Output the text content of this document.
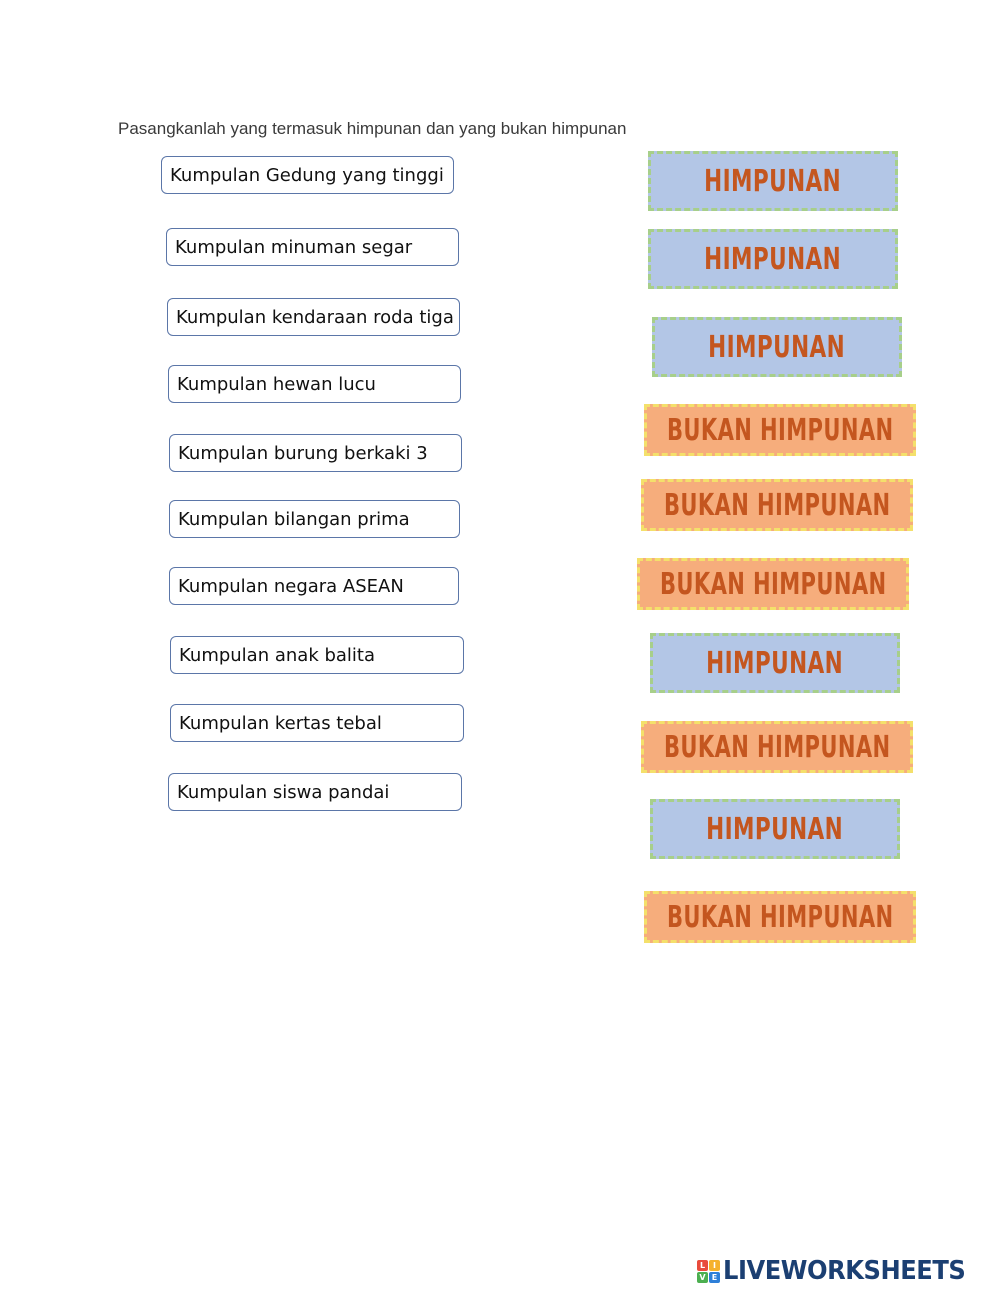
Pasangkanlah yang termasuk himpunan dan yang bukan himpunan
Kumpulan Gedung yang tinggi
Kumpulan minuman segar
Kumpulan kendaraan roda tiga
Kumpulan hewan lucu
Kumpulan burung berkaki 3
Kumpulan bilangan prima
Kumpulan negara ASEAN
Kumpulan anak balita
Kumpulan kertas tebal
Kumpulan siswa pandai
HIMPUNAN
HIMPUNAN
HIMPUNAN
BUKAN HIMPUNAN
BUKAN HIMPUNAN
BUKAN HIMPUNAN
HIMPUNAN
BUKAN HIMPUNAN
HIMPUNAN
BUKAN HIMPUNAN
L I
V E LIVEWORKSHEETS
